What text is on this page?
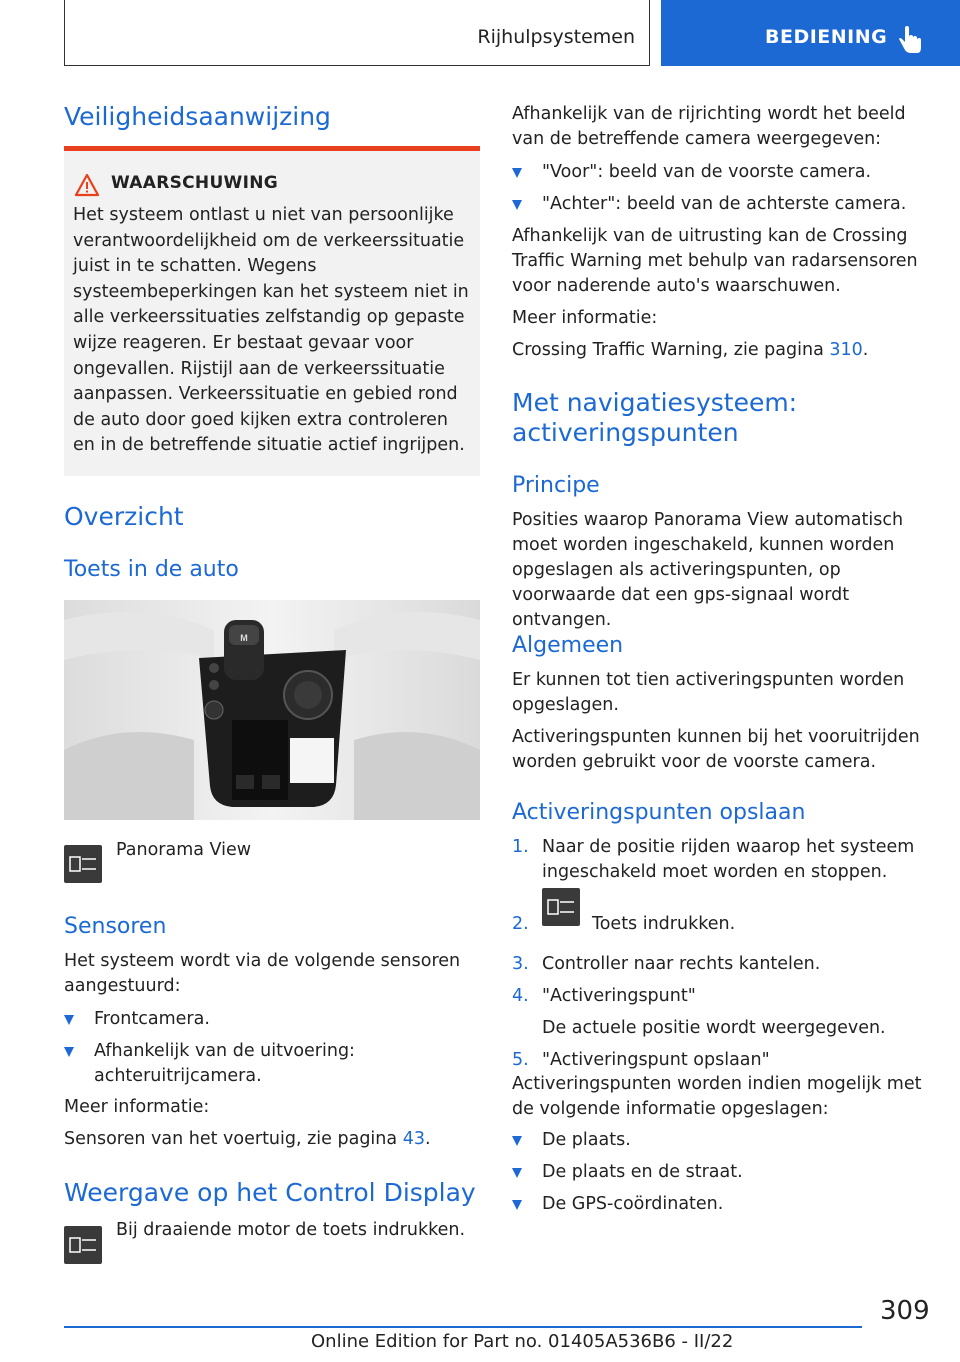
Rijhulpsystemen	BEDIENING
Veiligheidsaanwijzing
WAARSCHUWING
Het systeem ontlast u niet van persoonlijke verantwoordelijkheid om de verkeerssituatie juist in te schatten. Wegens systeembeperkingen kan het systeem niet in alle verkeerssituaties zelfstandig op gepaste wijze reageren. Er bestaat gevaar voor ongevallen. Rijstijl aan de verkeerssituatie aanpassen. Verkeerssituatie en gebied rond de auto door goed kijken extra controleren en in de betreffende situatie actief ingrijpen.
Overzicht
Toets in de auto
M
Panorama View
Sensoren
Het systeem wordt via de volgende sensoren aangestuurd:
Frontcamera.
Afhankelijk van de uitvoering: achteruitrijcamera.
Meer informatie:
Sensoren van het voertuig, zie pagina 43.
Weergave op het Control Display
Bij draaiende motor de toets indrukken.
Afhankelijk van de rijrichting wordt het beeld van de betreffende camera weergegeven:
"Voor": beeld van de voorste camera.
"Achter": beeld van de achterste camera.
Afhankelijk van de uitrusting kan de Crossing Traffic Warning met behulp van radarsensoren voor naderende auto's waarschuwen.
Meer informatie:
Crossing Traffic Warning, zie pagina 310.
Met navigatiesysteem: activeringspunten
Principe
Posities waarop Panorama View automatisch moet worden ingeschakeld, kunnen worden opgeslagen als activeringspunten, op voorwaarde dat een gps-signaal wordt ontvangen.
Algemeen
Er kunnen tot tien activeringspunten worden opgeslagen.
Activeringspunten kunnen bij het vooruitrijden worden gebruikt voor de voorste camera.
Activeringspunten opslaan
1. Naar de positie rijden waarop het systeem ingeschakeld moet worden en stoppen.
2.	Toets indrukken.
3. Controller naar rechts kantelen.
4. "Activeringspunt"
De actuele positie wordt weergegeven.
5. "Activeringspunt opslaan"
Activeringspunten worden indien mogelijk met de volgende informatie opgeslagen:
De plaats.
De plaats en de straat.
De GPS-coördinaten.
309
Online Edition for Part no. 01405A536B6 - II/22
